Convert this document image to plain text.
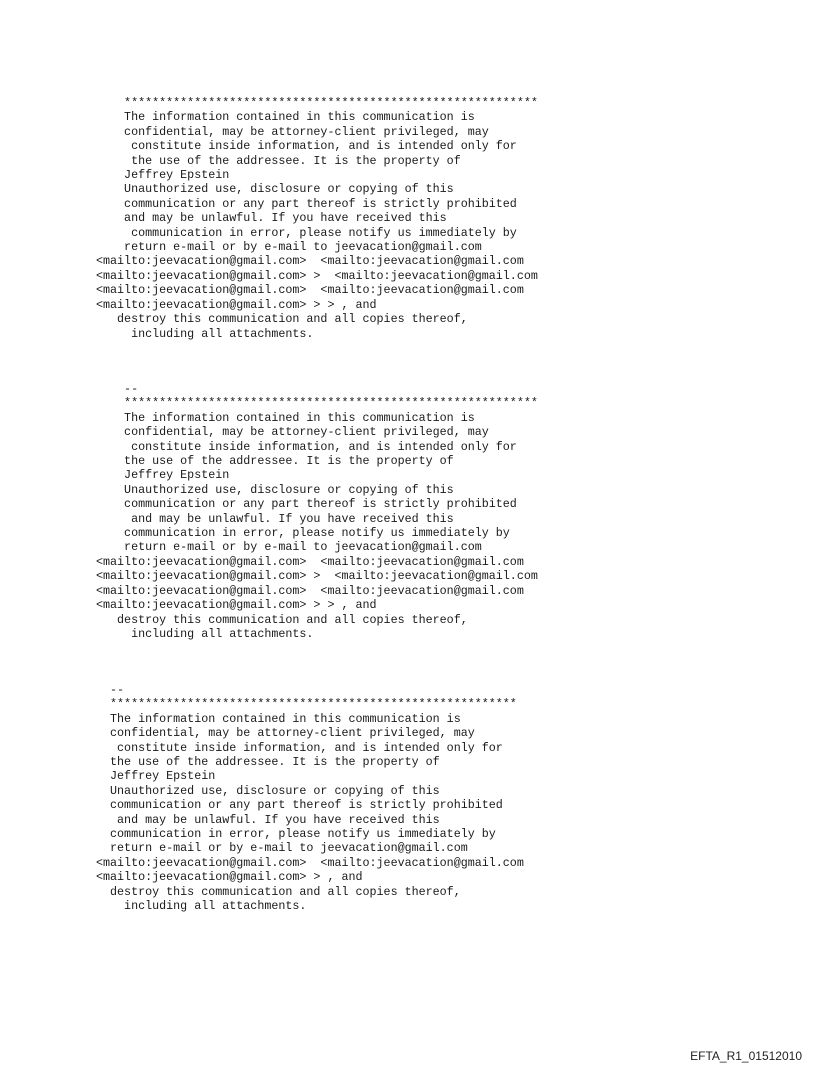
***********************************************************
The information contained in this communication is
confidential, may be attorney-client privileged, may
constitute inside information, and is intended only for
the use of the addressee. It is the property of
Jeffrey Epstein
Unauthorized use, disclosure or copying of this
communication or any part thereof is strictly prohibited
and may be unlawful. If you have received this
communication in error, please notify us immediately by
return e-mail or by e-mail to jeevacation@gmail.com
<mailto:jeevacation@gmail.com>  <mailto:jeevacation@gmail.com
<mailto:jeevacation@gmail.com> >  <mailto:jeevacation@gmail.com
<mailto:jeevacation@gmail.com>  <mailto:jeevacation@gmail.com
<mailto:jeevacation@gmail.com> > > , and
destroy this communication and all copies thereof,
including all attachments.
--
***********************************************************
The information contained in this communication is
confidential, may be attorney-client privileged, may
constitute inside information, and is intended only for
the use of the addressee. It is the property of
Jeffrey Epstein
Unauthorized use, disclosure or copying of this
communication or any part thereof is strictly prohibited
and may be unlawful. If you have received this
communication in error, please notify us immediately by
return e-mail or by e-mail to jeevacation@gmail.com
<mailto:jeevacation@gmail.com>  <mailto:jeevacation@gmail.com
<mailto:jeevacation@gmail.com> >  <mailto:jeevacation@gmail.com
<mailto:jeevacation@gmail.com>  <mailto:jeevacation@gmail.com
<mailto:jeevacation@gmail.com> > > , and
destroy this communication and all copies thereof,
including all attachments.
--
**********************************************************
The information contained in this communication is
confidential, may be attorney-client privileged, may
constitute inside information, and is intended only for
the use of the addressee. It is the property of
Jeffrey Epstein
Unauthorized use, disclosure or copying of this
communication or any part thereof is strictly prohibited
and may be unlawful. If you have received this
communication in error, please notify us immediately by
return e-mail or by e-mail to jeevacation@gmail.com
<mailto:jeevacation@gmail.com>  <mailto:jeevacation@gmail.com
<mailto:jeevacation@gmail.com> > , and
destroy this communication and all copies thereof,
including all attachments.
EFTA_R1_01512010
